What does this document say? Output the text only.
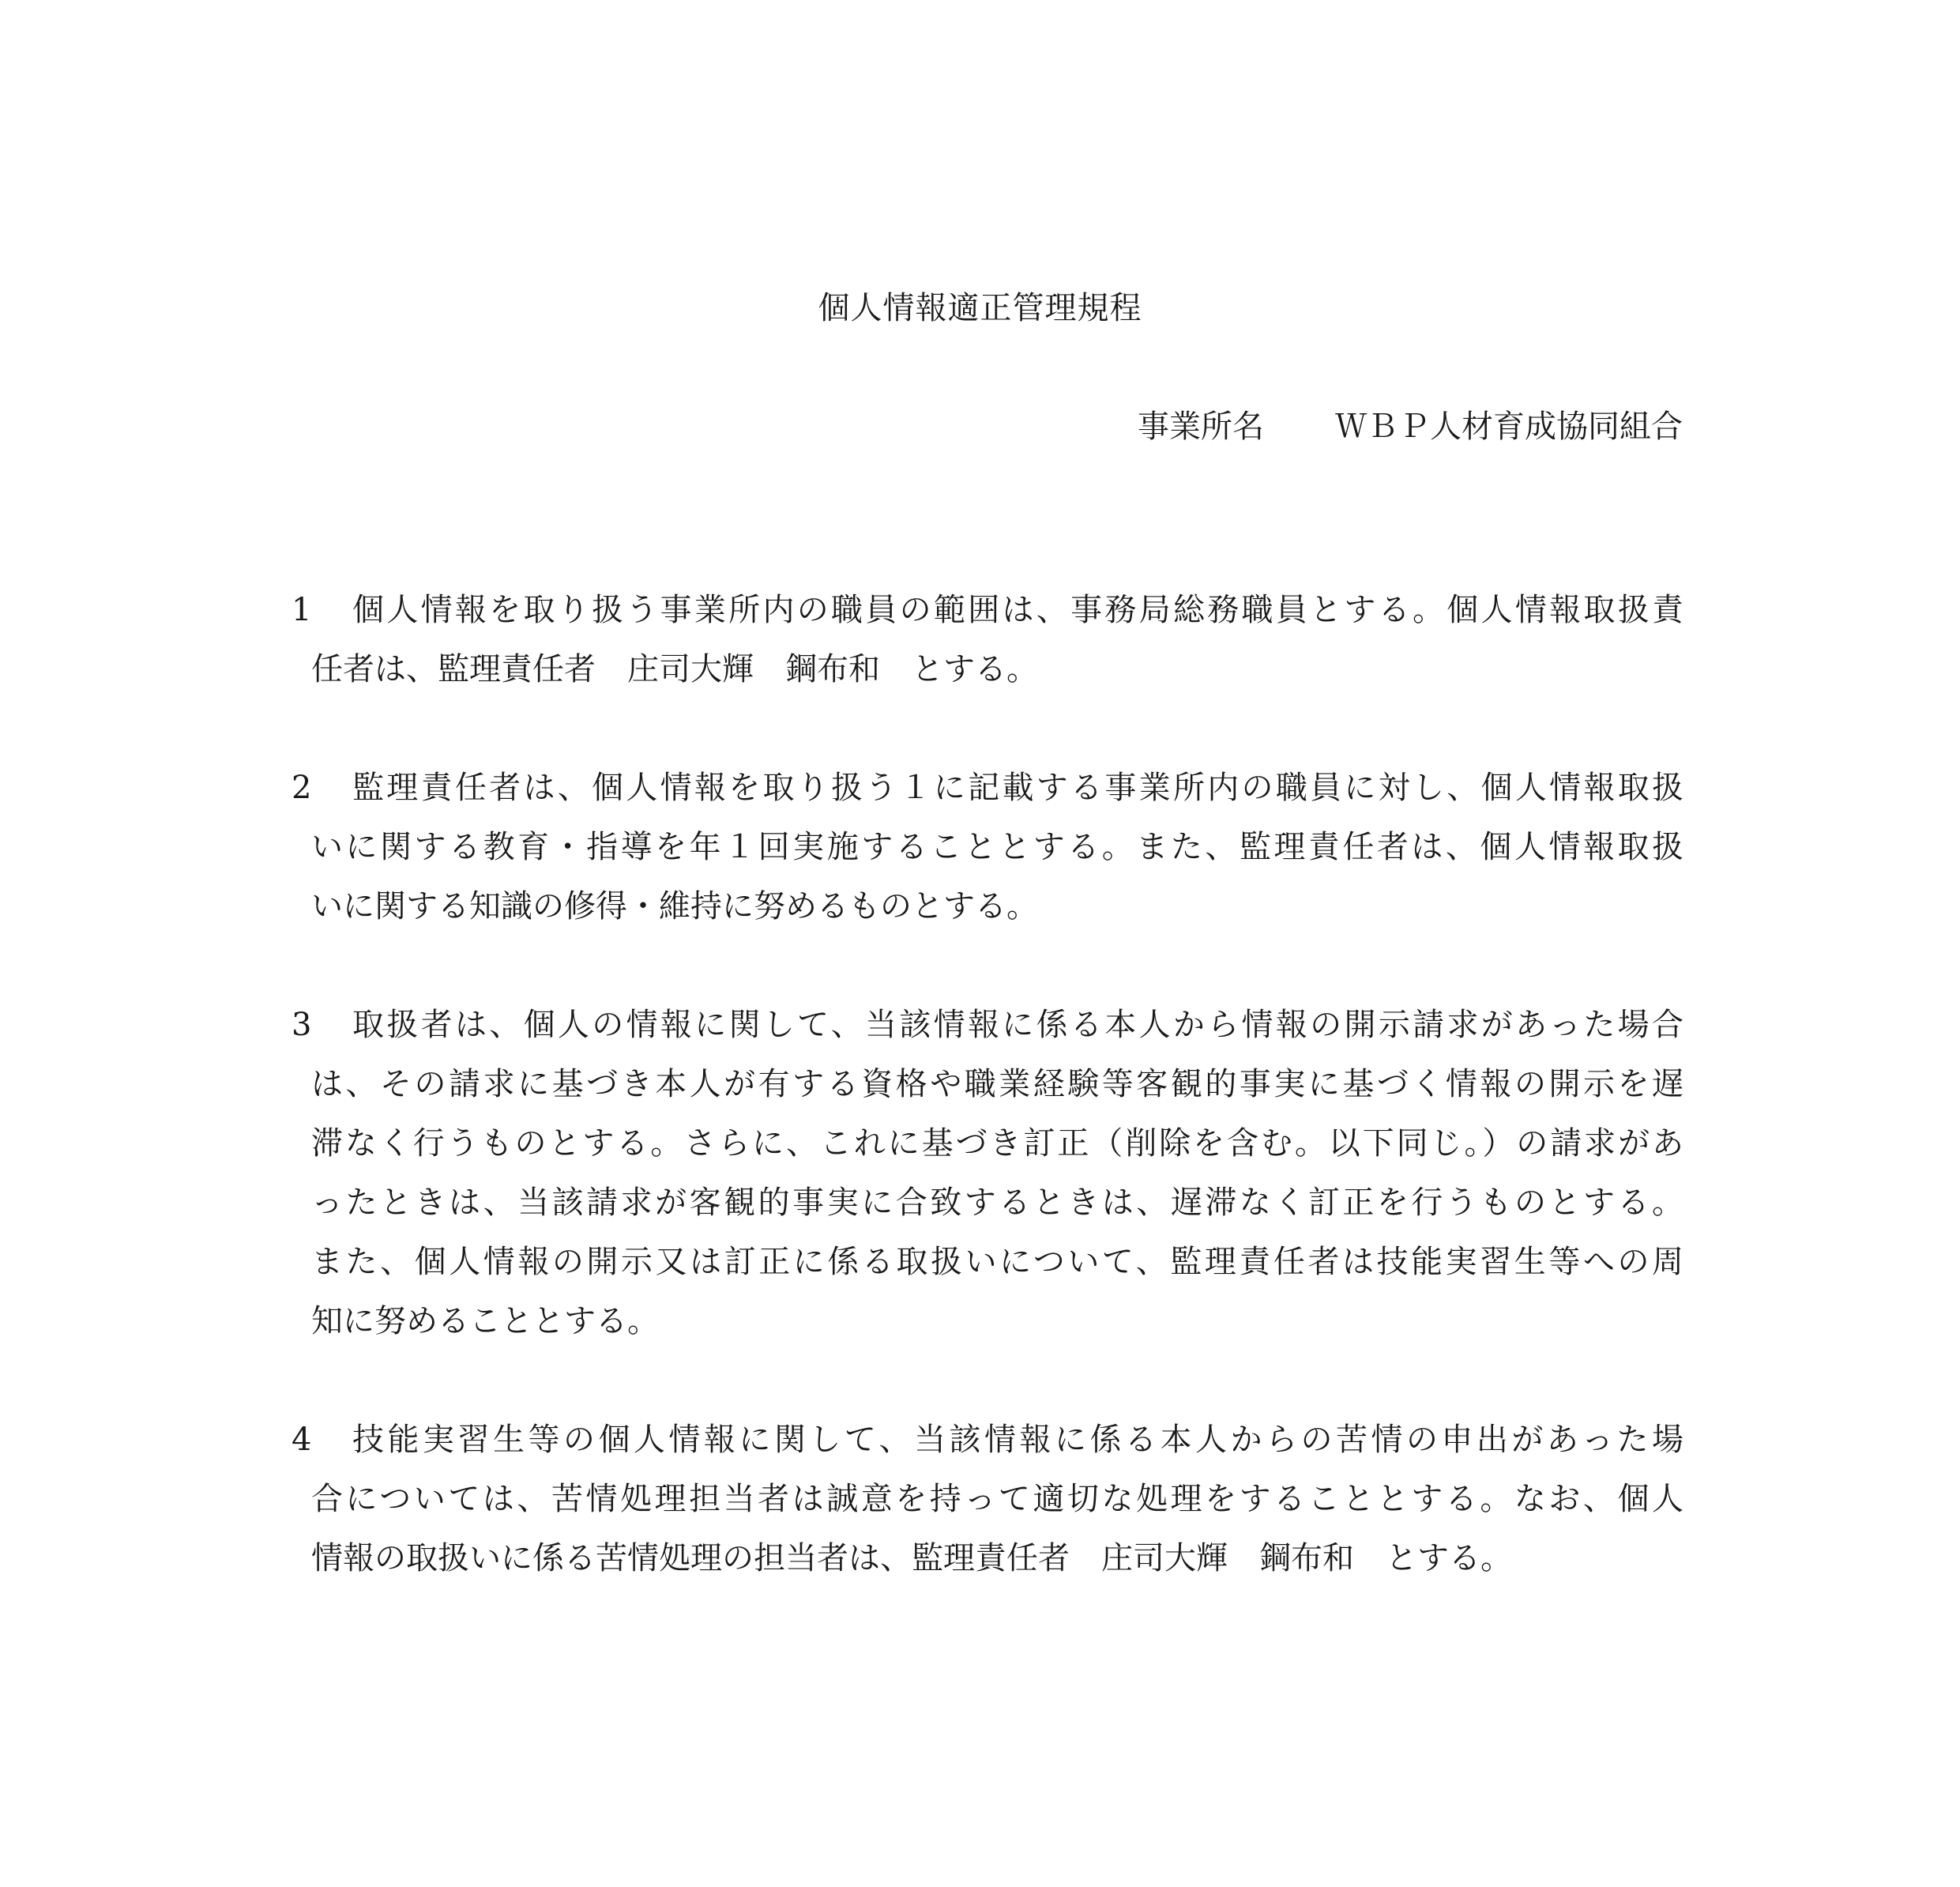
個人情報適正管理規程
事業所名 ＷＢＰ人材育成協同組合
1	個人情報を取り扱う事業所内の職員の範囲は、事務局総務職員とする。個人情報取扱責
任者は、監理責任者　庄司大輝　鋼布和　とする。
2	監理責任者は、個人情報を取り扱う１に記載する事業所内の職員に対し、個人情報取扱
いに関する教育・指導を年１回実施することとする。また、監理責任者は、個人情報取扱
いに関する知識の修得・維持に努めるものとする。
3	取扱者は、個人の情報に関して、当該情報に係る本人から情報の開示請求があった場合
は、その請求に基づき本人が有する資格や職業経験等客観的事実に基づく情報の開示を遅
滞なく行うものとする。さらに、これに基づき訂正（削除を含む。以下同じ。）の請求があ
ったときは、当該請求が客観的事実に合致するときは、遅滞なく訂正を行うものとする。
また、個人情報の開示又は訂正に係る取扱いについて、監理責任者は技能実習生等への周
知に努めることとする。
4	技能実習生等の個人情報に関して、当該情報に係る本人からの苦情の申出があった場
合については、苦情処理担当者は誠意を持って適切な処理をすることとする。なお、個人
情報の取扱いに係る苦情処理の担当者は、監理責任者　庄司大輝　鋼布和　とする。
